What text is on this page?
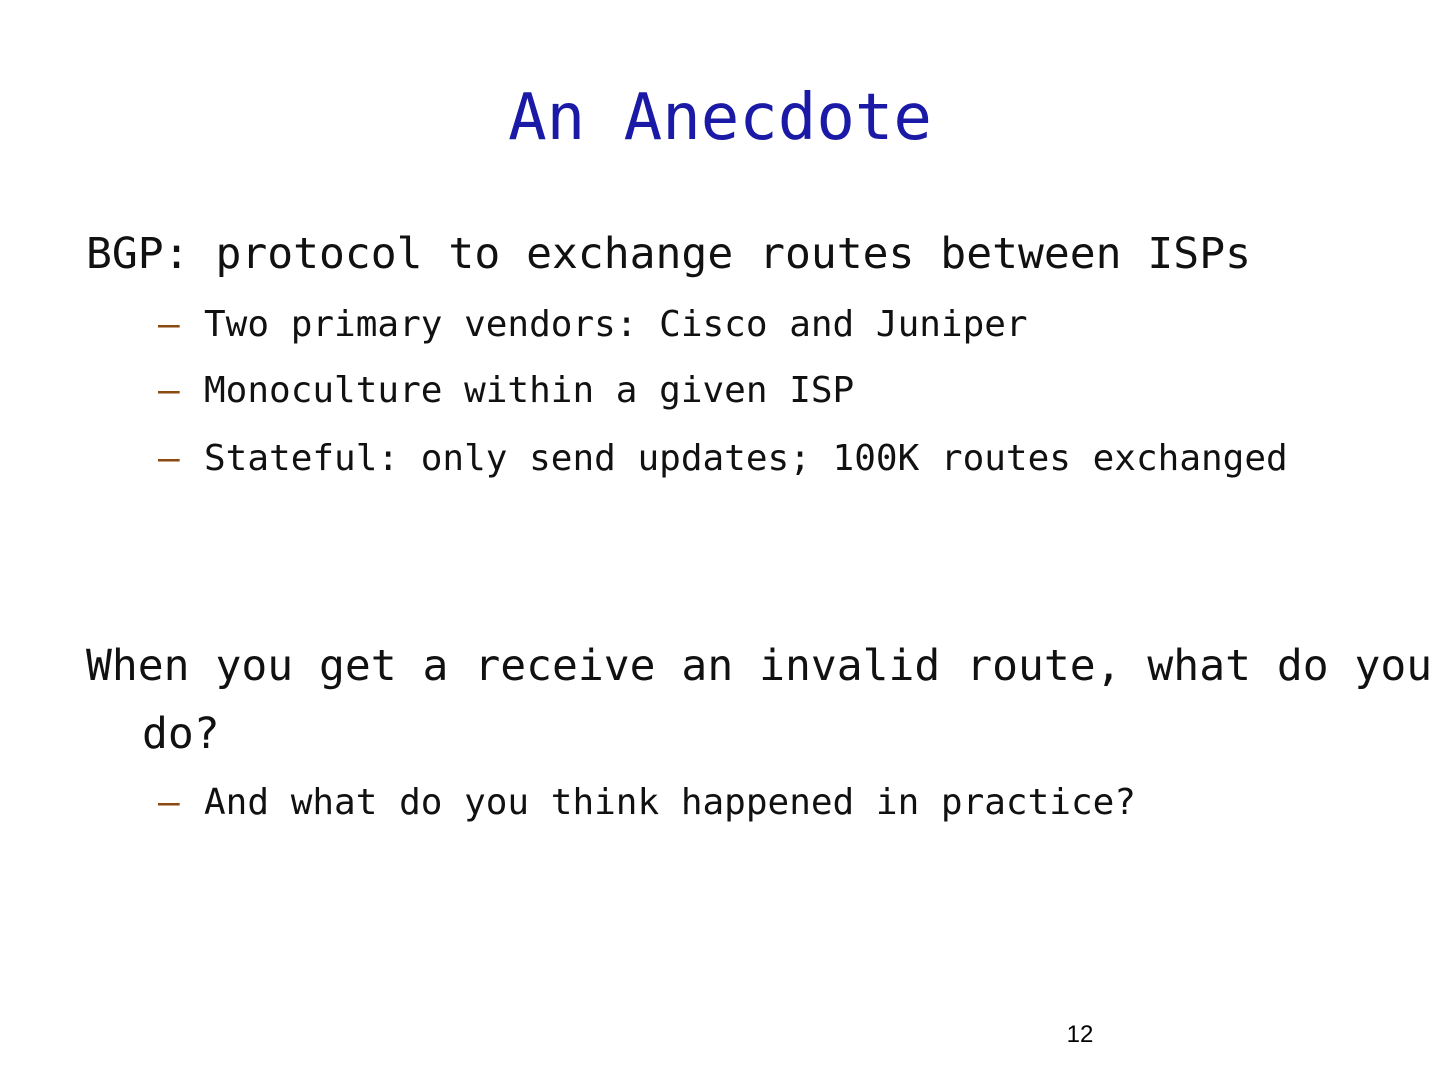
An Anecdote

BGP: protocol to exchange routes between ISPs

– Two primary vendors: Cisco and Juniper
– Monoculture within a given ISP
– Stateful: only send updates; 100K routes exchanged

When you get a receive an invalid route, what do you do?

– And what do you think happened in practice?
12
